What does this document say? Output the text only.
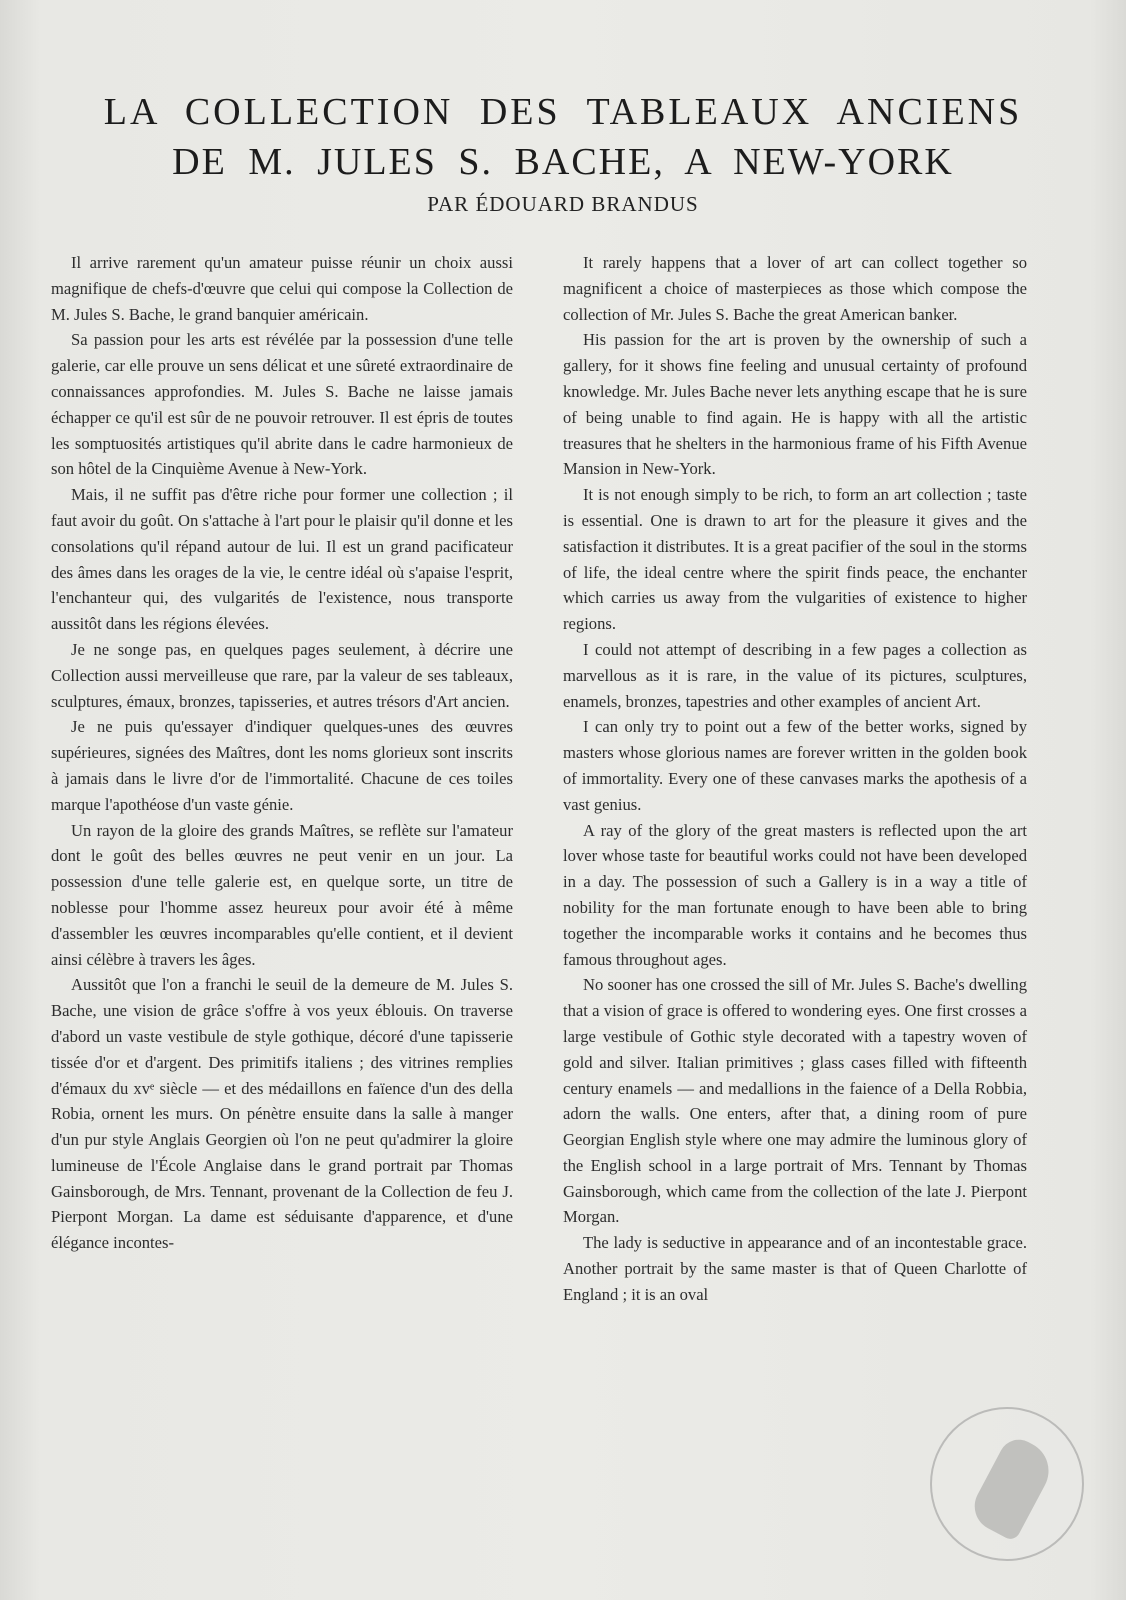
LA COLLECTION DES TABLEAUX ANCIENS
DE M. JULES S. BACHE, A NEW-YORK
PAR ÉDOUARD BRANDUS

Il arrive rarement qu'un amateur puisse réunir un choix aussi magnifique de chefs-d'œuvre que celui qui compose la Collection de M. Jules S. Bache, le grand banquier américain.

Sa passion pour les arts est révélée par la possession d'une telle galerie, car elle prouve un sens délicat et une sûreté extraordinaire de connaissances approfondies. M. Jules S. Bache ne laisse jamais échapper ce qu'il est sûr de ne pouvoir retrouver. Il est épris de toutes les somptuosités artistiques qu'il abrite dans le cadre harmonieux de son hôtel de la Cinquième Avenue à New-York.

Mais, il ne suffit pas d'être riche pour former une collection ; il faut avoir du goût. On s'attache à l'art pour le plaisir qu'il donne et les consolations qu'il répand autour de lui. Il est un grand pacificateur des âmes dans les orages de la vie, le centre idéal où s'apaise l'esprit, l'enchanteur qui, des vulgarités de l'existence, nous transporte aussitôt dans les régions élevées.

Je ne songe pas, en quelques pages seulement, à décrire une Collection aussi merveilleuse que rare, par la valeur de ses tableaux, sculptures, émaux, bronzes, tapisseries, et autres trésors d'Art ancien.

Je ne puis qu'essayer d'indiquer quelques-unes des œuvres supérieures, signées des Maîtres, dont les noms glorieux sont inscrits à jamais dans le livre d'or de l'immortalité. Chacune de ces toiles marque l'apothéose d'un vaste génie.

Un rayon de la gloire des grands Maîtres, se reflète sur l'amateur dont le goût des belles œuvres ne peut venir en un jour. La possession d'une telle galerie est, en quelque sorte, un titre de noblesse pour l'homme assez heureux pour avoir été à même d'assembler les œuvres incomparables qu'elle contient, et il devient ainsi célèbre à travers les âges.

Aussitôt que l'on a franchi le seuil de la demeure de M. Jules S. Bache, une vision de grâce s'offre à vos yeux éblouis. On traverse d'abord un vaste vestibule de style gothique, décoré d'une tapisserie tissée d'or et d'argent. Des primitifs italiens ; des vitrines remplies d'émaux du xvᵉ siècle — et des médaillons en faïence d'un des della Robia, ornent les murs. On pénètre ensuite dans la salle à manger d'un pur style Anglais Georgien où l'on ne peut qu'admirer la gloire lumineuse de l'École Anglaise dans le grand portrait par Thomas Gainsborough, de Mrs. Tennant, provenant de la Collection de feu J. Pierpont Morgan. La dame est séduisante d'apparence, et d'une élégance incontes-

It rarely happens that a lover of art can collect together so magnificent a choice of masterpieces as those which compose the collection of Mr. Jules S. Bache the great American banker.

His passion for the art is proven by the ownership of such a gallery, for it shows fine feeling and unusual certainty of profound knowledge. Mr. Jules Bache never lets anything escape that he is sure of being unable to find again. He is happy with all the artistic treasures that he shelters in the harmonious frame of his Fifth Avenue Mansion in New-York.

It is not enough simply to be rich, to form an art collection ; taste is essential. One is drawn to art for the pleasure it gives and the satisfaction it distributes. It is a great pacifier of the soul in the storms of life, the ideal centre where the spirit finds peace, the enchanter which carries us away from the vulgarities of existence to higher regions.

I could not attempt of describing in a few pages a collection as marvellous as it is rare, in the value of its pictures, sculptures, enamels, bronzes, tapestries and other examples of ancient Art.

I can only try to point out a few of the better works, signed by masters whose glorious names are forever written in the golden book of immortality. Every one of these canvases marks the apothesis of a vast genius.

A ray of the glory of the great masters is reflected upon the art lover whose taste for beautiful works could not have been developed in a day. The possession of such a Gallery is in a way a title of nobility for the man fortunate enough to have been able to bring together the incomparable works it contains and he becomes thus famous throughout ages.

No sooner has one crossed the sill of Mr. Jules S. Bache's dwelling that a vision of grace is offered to wondering eyes. One first crosses a large vestibule of Gothic style decorated with a tapestry woven of gold and silver. Italian primitives ; glass cases filled with fifteenth century enamels — and medallions in the faience of a Della Robbia, adorn the walls. One enters, after that, a dining room of pure Georgian English style where one may admire the luminous glory of the English school in a large portrait of Mrs. Tennant by Thomas Gainsborough, which came from the collection of the late J. Pierpont Morgan.

The lady is seductive in appearance and of an incontestable grace. Another portrait by the same master is that of Queen Charlotte of England ; it is an oval
